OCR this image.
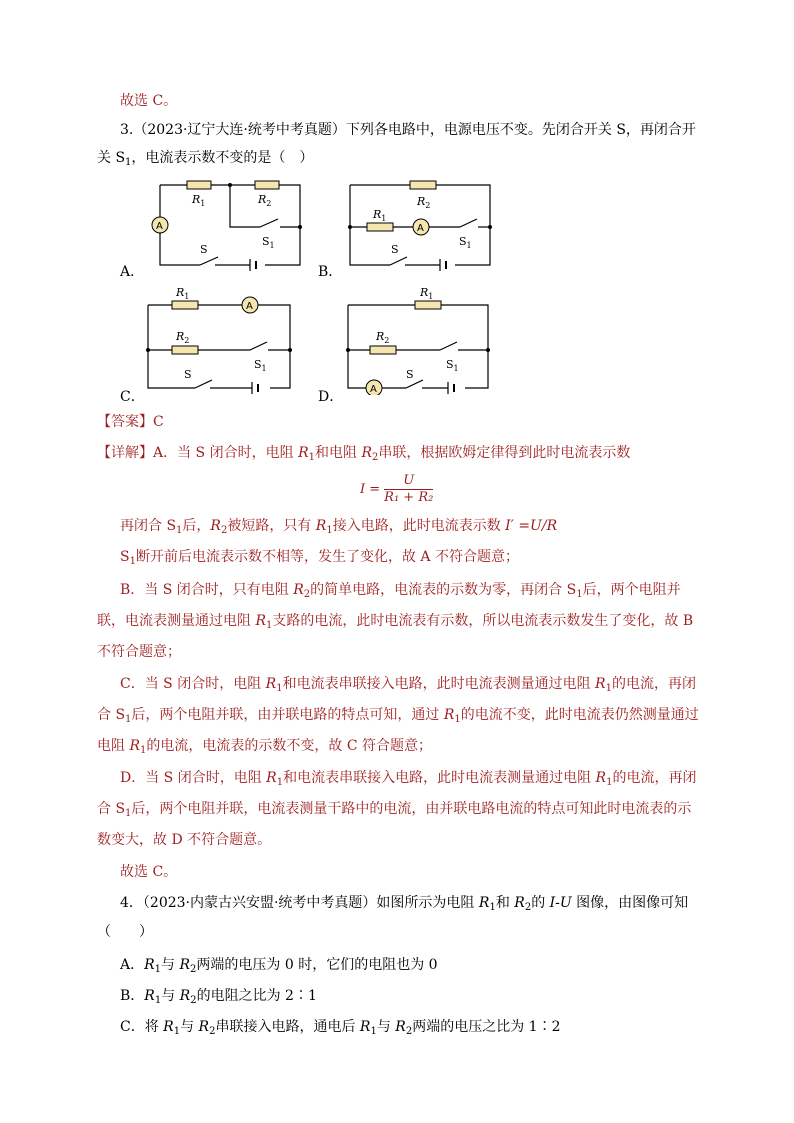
故选 C。
3.（2023·辽宁大连·统考中考真题）下列各电路中，电源电压不变。先闭合开关 S，再闭合开
关 $S_1$，电流表示数不变的是（　）
A
$R_1$	$R_2$
$S_1$
S
A．
A
$R_2$
$R_1$
$S_1$
S
B．
A
$R_1$
$R_2$
$S_1$
S
C．	A
$R_1$
$R_2$
$S_1$
S
D．
【答案】C
【详解】A．当 S 闭合时，电阻 $R_1$和电阻 $R_2$串联，根据欧姆定律得到此时电流表示数
$I = \frac{U}{\text{R₁ + R₂}}$
再闭合 $S_1$后，$R_2$被短路，只有 $R_1$接入电路，此时电流表示数 I′ =U/R
$S_1$断开前后电流表示数不相等，发生了变化，故 A 不符合题意；
B．当 S 闭合时，只有电阻 $R_2$的简单电路，电流表的示数为零，再闭合 $S_1$后，两个电阻并
联，电流表测量通过电阻 $R_1$支路的电流，此时电流表有示数，所以电流表示数发生了变化，故 B
不符合题意；
C．当 S 闭合时，电阻 $R_1$和电流表串联接入电路，此时电流表测量通过电阻 $R_1$的电流，再闭
合 $S_1$后，两个电阻并联，由并联电路的特点可知，通过 $R_1$的电流不变，此时电流表仍然测量通过
电阻 $R_1$的电流，电流表的示数不变，故 C 符合题意；
D．当 S 闭合时，电阻 $R_1$和电流表串联接入电路，此时电流表测量通过电阻 $R_1$的电流，再闭
合 $S_1$后，两个电阻并联，电流表测量干路中的电流，由并联电路电流的特点可知此时电流表的示
数变大，故 D 不符合题意。
故选 C。
4．（2023·内蒙古兴安盟·统考中考真题）如图所示为电阻 $R_1$和 $R_2$的 I-U 图像，由图像可知
（　　）
A．$R_1$与 $R_2$两端的电压为 0 时，它们的电阻也为 0
B．$R_1$与 $R_2$的电阻之比为 2∶1
C．将 $R_1$与 $R_2$串联接入电路，通电后 $R_1$与 $R_2$两端的电压之比为 1∶2
